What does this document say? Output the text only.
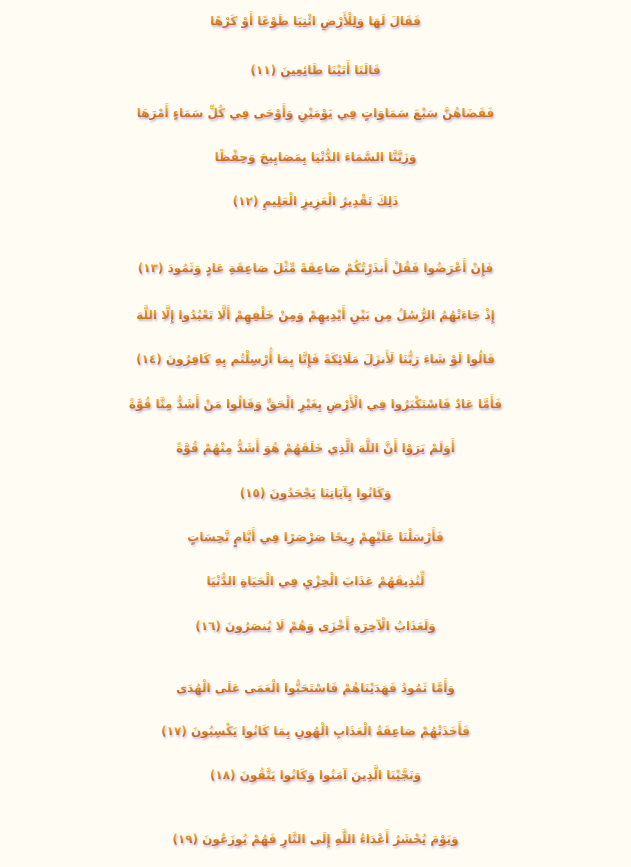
فَقَالَ لَهَا وَلِلْأَرْضِ ائْتِيَا طَوْعًا أَوْ كَرْهًا
قَالَتَا أَتَيْنَا طَائِعِينَ (١١)
فَقَضَاهُنَّ سَبْعَ سَمَاوَاتٍ فِي يَوْمَيْنِ وَأَوْحَى فِي كُلِّ سَمَاءٍ أَمْرَهَا
وَزَيَّنَّا السَّمَاءَ الدُّنْيَا بِمَصَابِيحَ وَحِفْظًا
ذَلِكَ تَقْدِيرُ الْعَزِيزِ الْعَلِيمِ (١٢)
فَإِنْ أَعْرَضُوا فَقُلْ أَنذَرْتُكُمْ صَاعِقَةً مِّثْلَ صَاعِقَةِ عَادٍ وَثَمُودَ (١٣)
إِذْ جَاءَتْهُمُ الرُّسُلُ مِن بَيْنِ أَيْدِيهِمْ وَمِنْ خَلْفِهِمْ أَلَّا تَعْبُدُوا إِلَّا اللَّهَ
قَالُوا لَوْ شَاءَ رَبُّنَا لَأَنزَلَ مَلَائِكَةً فَإِنَّا بِمَا أُرْسِلْتُم بِهِ كَافِرُونَ (١٤)
فَأَمَّا عَادٌ فَاسْتَكْبَرُوا فِي الْأَرْضِ بِغَيْرِ الْحَقِّ وَقَالُوا مَنْ أَشَدُّ مِنَّا قُوَّةً
أَوَلَمْ يَرَوْا أَنَّ اللَّهَ الَّذِي خَلَقَهُمْ هُوَ أَشَدُّ مِنْهُمْ قُوَّةً
وَكَانُوا بِآيَاتِنَا يَجْحَدُونَ (١٥)
فَأَرْسَلْنَا عَلَيْهِمْ رِيحًا صَرْصَرًا فِي أَيَّامٍ نَّحِسَاتٍ
لِّنُذِيقَهُمْ عَذَابَ الْخِزْيِ فِي الْحَيَاةِ الدُّنْيَا
وَلَعَذَابُ الْآخِرَةِ أَخْزَى وَهُمْ لَا يُنصَرُونَ (١٦)
وَأَمَّا ثَمُودُ فَهَدَيْنَاهُمْ فَاسْتَحَبُّوا الْعَمَى عَلَى الْهُدَى
فَأَخَذَتْهُمْ صَاعِقَةُ الْعَذَابِ الْهُونِ بِمَا كَانُوا يَكْسِبُونَ (١٧)
وَنَجَّيْنَا الَّذِينَ آمَنُوا وَكَانُوا يَتَّقُونَ (١٨)
وَيَوْمَ يُحْشَرُ أَعْدَاءُ اللَّهِ إِلَى النَّارِ فَهُمْ يُوزَعُونَ (١٩)
